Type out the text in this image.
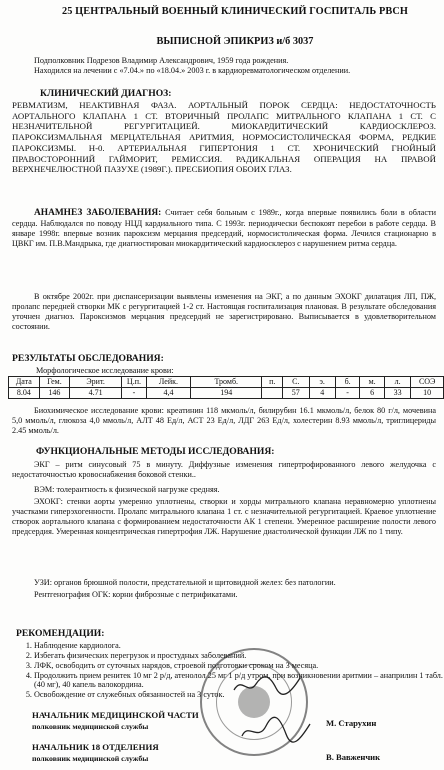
25 ЦЕНТРАЛЬНЫЙ ВОЕННЫЙ КЛИНИЧЕСКИЙ ГОСПИТАЛЬ РВСН
ВЫПИСНОЙ ЭПИКРИЗ и/б 3037
Подполковник Подрезов Владимир Александрович, 1959 года рождения.
Находился на лечении с «7.04.» по «18.04.» 2003 г. в кардиоревматологическом отделении.
КЛИНИЧЕСКИЙ ДИАГНОЗ:
РЕВМАТИЗМ, НЕАКТИВНАЯ ФАЗА. АОРТАЛЬНЫЙ ПОРОК СЕРДЦА: НЕДОСТАТОЧНОСТЬ АОРТАЛЬНОГО КЛАПАНА 1 СТ. ВТОРИЧНЫЙ ПРОЛАПС МИТРАЛЬНОГО КЛАПАНА 1 СТ. С НЕЗНАЧИТЕЛЬНОЙ РЕГУРГИТАЦИЕЙ. МИОКАРДИТИЧЕСКИЙ КАРДИОСКЛЕРОЗ. ПАРОКСИЗМАЛЬНАЯ МЕРЦАТЕЛЬНАЯ АРИТМИЯ, НОРМОСИСТОЛИЧЕСКАЯ ФОРМА, РЕДКИЕ ПАРОКСИЗМЫ. Н-0. АРТЕРИАЛЬНАЯ ГИПЕРТОНИЯ 1 СТ. ХРОНИЧЕСКИЙ ГНОЙНЫЙ ПРАВОСТОРОННИЙ ГАЙМОРИТ, РЕМИССИЯ. РАДИКАЛЬНАЯ ОПЕРАЦИЯ НА ПРАВОЙ ВЕРХНЕЧЕЛЮСТНОЙ ПАЗУХЕ (1989Г.). ПРЕСБИОПИЯ ОБОИХ ГЛАЗ.
АНАМНЕЗ ЗАБОЛЕВАНИЯ: Считает себя больным с 1989г., когда впервые появились боли в области сердца. Наблюдался по поводу НЦД кардиального типа. С 1993г. периодически беспокоят перебои в работе сердца. В январе 1998г. впервые возник пароксизм мерцания предсердий, нормосистолическая форма. Лечился стационарно в ЦВКГ им. П.В.Мандрыка, где диагностирован миокардитический кардиосклероз с нарушением ритма сердца.
В октябре 2002г. при диспансеризации выявлены изменения на ЭКГ, а по данным ЭХОКГ дилатация ЛП, ПЖ, пролапс передней створки МК с регургитацией 1-2 ст. Настоящая госпитализация плановая. В результате обследования уточнен диагноз. Пароксизмов мерцания предсердий не зарегистрировано. Выписывается в удовлетворительном состоянии.
РЕЗУЛЬТАТЫ ОБСЛЕДОВАНИЯ:
Морфологическое исследование крови:
Дата	Гем.	Эрит.	Ц.п.	Лейк.	Тромб.	п.	С.	э.	б.	м.	л.	СОЭ
8.04	146	4.71	-	4,4	194		57	4	-	6	33	10
Биохимическое исследование крови: креатинин 118 мкмоль/л, билирубин 16.1 мкмоль/л, белок 80 г/л, мочевина 5,0 ммоль/л, глюкоза 4,0 ммоль/л, АЛТ 48 Ед/л, АСТ 23 Ед/л, ЛДГ 263 Ед/л, холестерин 8.93 ммоль/л, триглицериды 2.45 ммоль/л.
ФУНКЦИОНАЛЬНЫЕ МЕТОДЫ ИССЛЕДОВАНИЯ:
ЭКГ – ритм синусовый 75 в минуту. Диффузные изменения гипертрофированного левого желудочка с недостаточностью кровоснабжения боковой стенки..
ВЭМ: толерантность к физической нагрузке средняя.
ЭХОКГ: стенки аорты умеренно уплотнены, створки и хорды митрального клапана неравномерно уплотнены участками гиперэхогенности. Пролапс митрального клапана 1 ст. с незначительной регургитацией. Краевое уплотнение створок аортального клапана с формированием недостаточности АК 1 степени. Умеренное расширение полости левого предсердия. Умеренная концентрическая гипертрофия ЛЖ. Нарушение диастолической функции ЛЖ по 1 типу.
УЗИ: органов брюшной полости, предстательной и щитовидной желез: без патологии.
Рентгенография ОГК: корни фиброзные с петрификатами.
РЕКОМЕНДАЦИИ:
1. Наблюдение кардиолога.
2. Избегать физических перегрузок и простудных заболеваний.
3. ЛФК, освободить от суточных нарядов, строевой подготовки сроком на 3 месяца.
4. Продолжить прием ренитек 10 мг 2 р/д, атенолол 25 мг 1 р/д утром, при возникновении аритмии – анаприлин 1 табл. (40 мг), 40 капель валокордина.
5. Освобождение от служебных обязанностей на 3 суток.
НАЧАЛЬНИК МЕДИЦИНСКОЙ ЧАСТИ
полковник медицинской службы	М. Старухин
НАЧАЛЬНИК 18 ОТДЕЛЕНИЯ
полковник медицинской службы	В. Вавженчик
